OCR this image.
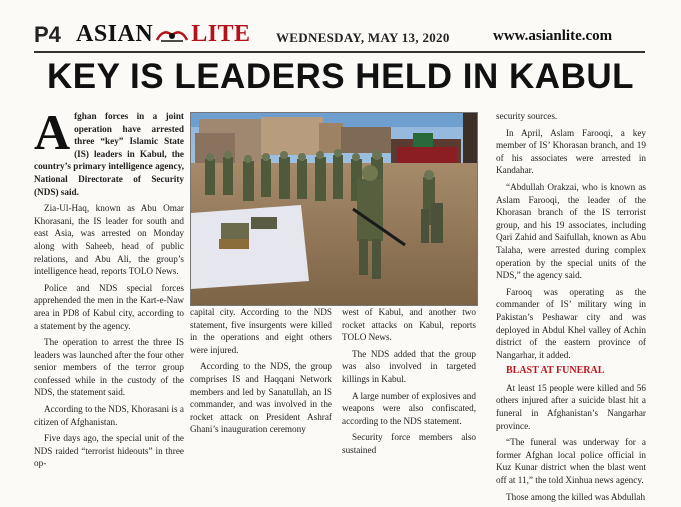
P4 ASIAN LITE WEDNESDAY, MAY 13, 2020	www.asianlite.com
KEY IS LEADERS HELD IN KABUL

Afghan forces in a joint operation have arrested three “key” Islamic State (IS) leaders in Kabul, the country’s primary intelligence agency, National Directorate of Security (NDS) said.

Zia-Ul-Haq, known as Abu Omar Khorasani, the IS leader for south and east Asia, was arrested on Monday along with Saheeb, head of public relations, and Abu Ali, the group’s intelligence head, reports TOLO News.

Police and NDS special forces apprehended the men in the Kart-e-Naw area in PD8 of Kabul city, according to a statement by the agency.

The operation to arrest the three IS leaders was launched after the four other senior members of the terror group confessed while in the custody of the NDS, the statement said.

According to the NDS, Khorasani is a citizen of Afghanistan.

Five days ago, the special unit of the NDS raided “terrorist hideouts” in three op-

capital city. According to the NDS statement, five insurgents were killed in the operations and eight others were injured.

According to the NDS, the group comprises IS and Haqqani Network members and led by Sanatullah, an IS commander, and was involved in the rocket attack on President Ashraf Ghani’s inauguration ceremony

west of Kabul, and another two rocket attacks on Kabul, reports TOLO News.

The NDS added that the group was also involved in targeted killings in Kabul.

A large number of explosives and weapons were also confiscated, according to the NDS statement.

Security force members also sustained

security sources.

In April, Aslam Farooqi, a key member of IS’ Khorasan branch, and 19 of his associates were arrested in Kandahar.

“Abdullah Orakzai, who is known as Aslam Farooqi, the leader of the Khorasan branch of the IS terrorist group, and his 19 associates, including Qari Zahid and Saifullah, known as Abu Talaha, were arrested during complex operation by the special units of the NDS,” the agency said.

Farooq was operating as the commander of IS’ military wing in Pakistan’s Peshawar city and was deployed in Abdul Khel valley of Achin district of the eastern province of Nangarhar, it added.

BLAST AT FUNERAL

At least 15 people were killed and 56 others injured after a suicide blast hit a funeral in Afghanistan’s Nangarhar province.

“The funeral was underway for a former Afghan local police official in Kuz Kunar district when the blast went off at 11,” the told Xinhua news agency.

Those among the killed was Abdullah
